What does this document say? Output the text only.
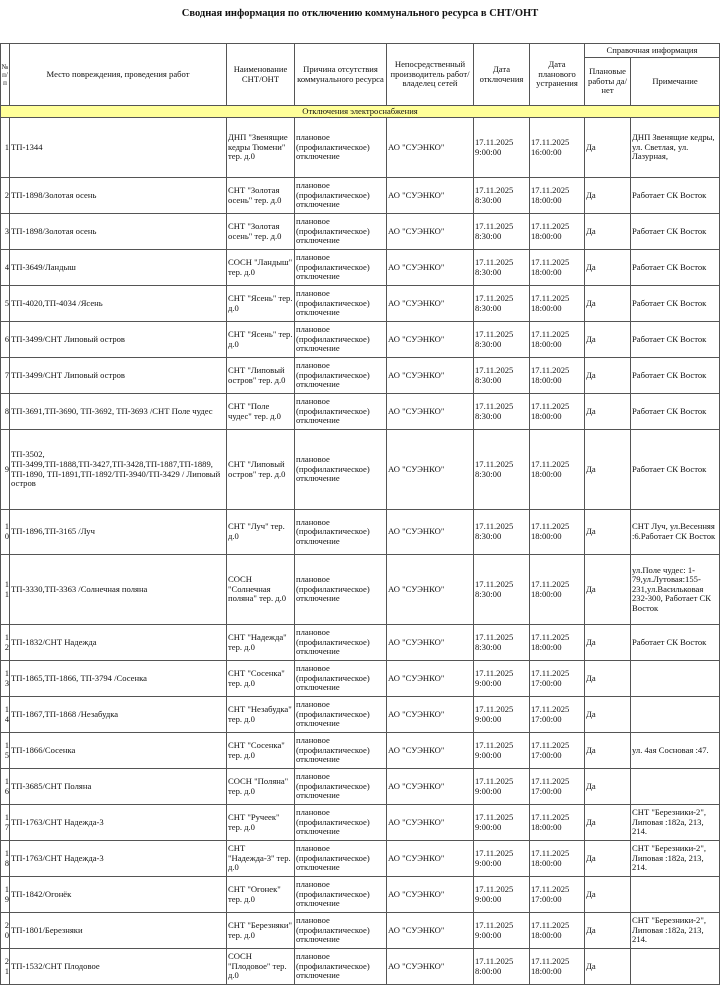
Сводная информация по отключению коммунального ресурса в СНТ/ОНТ
№ п/п	Место повреждения, проведения работ	Наименование СНТ/ОНТ	Причина отсутствия коммунального ресурса	Непосредственный производитель работ/ владелец сетей	Дата отключения	Дата планового устранения	Справочная информация	
							Плановые работы да/нет	Примечание
Отключения электроснабжения								
1	ТП-1344	ДНП "Звенящие кедры Тюмени" тер. д.0	плановое (профилактическое) отключение	АО "СУЭНКО"	17.11.2025 9:00:00	17.11.2025 16:00:00	Да	ДНП Звенящие кедры, ул. Светлая, ул. Лазурная,
2	ТП-1898/Золотая осень	СНТ "Золотая осень" тер. д.0	плановое (профилактическое) отключение	АО "СУЭНКО"	17.11.2025 8:30:00	17.11.2025 18:00:00	Да	Работает СК Восток
3	ТП-1898/Золотая осень	СНТ "Золотая осень" тер. д.0	плановое (профилактическое) отключение	АО "СУЭНКО"	17.11.2025 8:30:00	17.11.2025 18:00:00	Да	Работает СК Восток
4	ТП-3649/Ландыш	СОСН "Ландыш" тер. д.0	плановое (профилактическое) отключение	АО "СУЭНКО"	17.11.2025 8:30:00	17.11.2025 18:00:00	Да	Работает СК Восток
5	ТП-4020,ТП-4034 /Ясень	СНТ "Ясень" тер. д.0	плановое (профилактическое) отключение	АО "СУЭНКО"	17.11.2025 8:30:00	17.11.2025 18:00:00	Да	Работает СК Восток
6	ТП-3499/СНТ Липовый остров	СНТ "Ясень" тер. д.0	плановое (профилактическое) отключение	АО "СУЭНКО"	17.11.2025 8:30:00	17.11.2025 18:00:00	Да	Работает СК Восток
7	ТП-3499/СНТ Липовый остров	СНТ "Липовый остров" тер. д.0	плановое (профилактическое) отключение	АО "СУЭНКО"	17.11.2025 8:30:00	17.11.2025 18:00:00	Да	Работает СК Восток
8	ТП-3691,ТП-3690, ТП-3692, ТП-3693 /СНТ Поле чудес	СНТ "Поле чудес" тер. д.0	плановое (профилактическое) отключение	АО "СУЭНКО"	17.11.2025 8:30:00	17.11.2025 18:00:00	Да	Работает СК Восток
9	ТП-3502, ТП-3499,ТП-1888,ТП-3427,ТП-3428,ТП-1887,ТП-1889, ТП-1890, ТП-1891,ТП-1892/ТП-3940/ТП-3429 / Липовый остров	СНТ "Липовый остров" тер. д.0	плановое (профилактическое) отключение	АО "СУЭНКО"	17.11.2025 8:30:00	17.11.2025 18:00:00	Да	Работает СК Восток
10	ТП-1896,ТП-3165 /Луч	СНТ "Луч" тер. д.0	плановое (профилактическое) отключение	АО "СУЭНКО"	17.11.2025 8:30:00	17.11.2025 18:00:00	Да	СНТ Луч, ул.Весенняя :6.Работает СК Восток
11	ТП-3330,ТП-3363 /Солнечная поляна	СОСН "Солнечная поляна" тер. д.0	плановое (профилактическое) отключение	АО "СУЭНКО"	17.11.2025 8:30:00	17.11.2025 18:00:00	Да	ул.Поле чудес: 1-79,ул.Лутовая:155-231,ул.Васильковая 232-300, Работает СК Восток
12	ТП-1832/СНТ Надежда	СНТ "Надежда" тер. д.0	плановое (профилактическое) отключение	АО "СУЭНКО"	17.11.2025 8:30:00	17.11.2025 18:00:00	Да	Работает СК Восток
13	ТП-1865,ТП-1866, ТП-3794 /Сосенка	СНТ "Сосенка" тер. д.0	плановое (профилактическое) отключение	АО "СУЭНКО"	17.11.2025 9:00:00	17.11.2025 17:00:00	Да	
14	ТП-1867,ТП-1868 /Незабудка	СНТ "Незабудка" тер. д.0	плановое (профилактическое) отключение	АО "СУЭНКО"	17.11.2025 9:00:00	17.11.2025 17:00:00	Да	
15	ТП-1866/Сосенка	СНТ "Сосенка" тер. д.0	плановое (профилактическое) отключение	АО "СУЭНКО"	17.11.2025 9:00:00	17.11.2025 17:00:00	Да	ул. 4ая Сосновая :47.
16	ТП-3685/СНТ Поляна	СОСН "Поляна" тер. д.0	плановое (профилактическое) отключение	АО "СУЭНКО"	17.11.2025 9:00:00	17.11.2025 17:00:00	Да	
17	ТП-1763/СНТ Надежда-3	СНТ "Ручеек" тер. д.0	плановое (профилактическое) отключение	АО "СУЭНКО"	17.11.2025 9:00:00	17.11.2025 18:00:00	Да	СНТ "Березники-2", Липовая :182а, 213, 214.
18	ТП-1763/СНТ Надежда-3	СНТ "Надежда-3" тер. д.0	плановое (профилактическое) отключение	АО "СУЭНКО"	17.11.2025 9:00:00	17.11.2025 18:00:00	Да	СНТ "Березники-2", Липовая :182а, 213, 214.
19	ТП-1842/Огонёк	СНТ "Огонек" тер. д.0	плановое (профилактическое) отключение	АО "СУЭНКО"	17.11.2025 9:00:00	17.11.2025 17:00:00	Да	
20	ТП-1801/Березняки	СНТ "Березняки" тер. д.0	плановое (профилактическое) отключение	АО "СУЭНКО"	17.11.2025 9:00:00	17.11.2025 18:00:00	Да	СНТ "Березники-2", Липовая :182а, 213, 214.
21	ТП-1532/СНТ Плодовое	СОСН "Плодовое" тер. д.0	плановое (профилактическое) отключение	АО "СУЭНКО"	17.11.2025 8:00:00	17.11.2025 18:00:00	Да	
